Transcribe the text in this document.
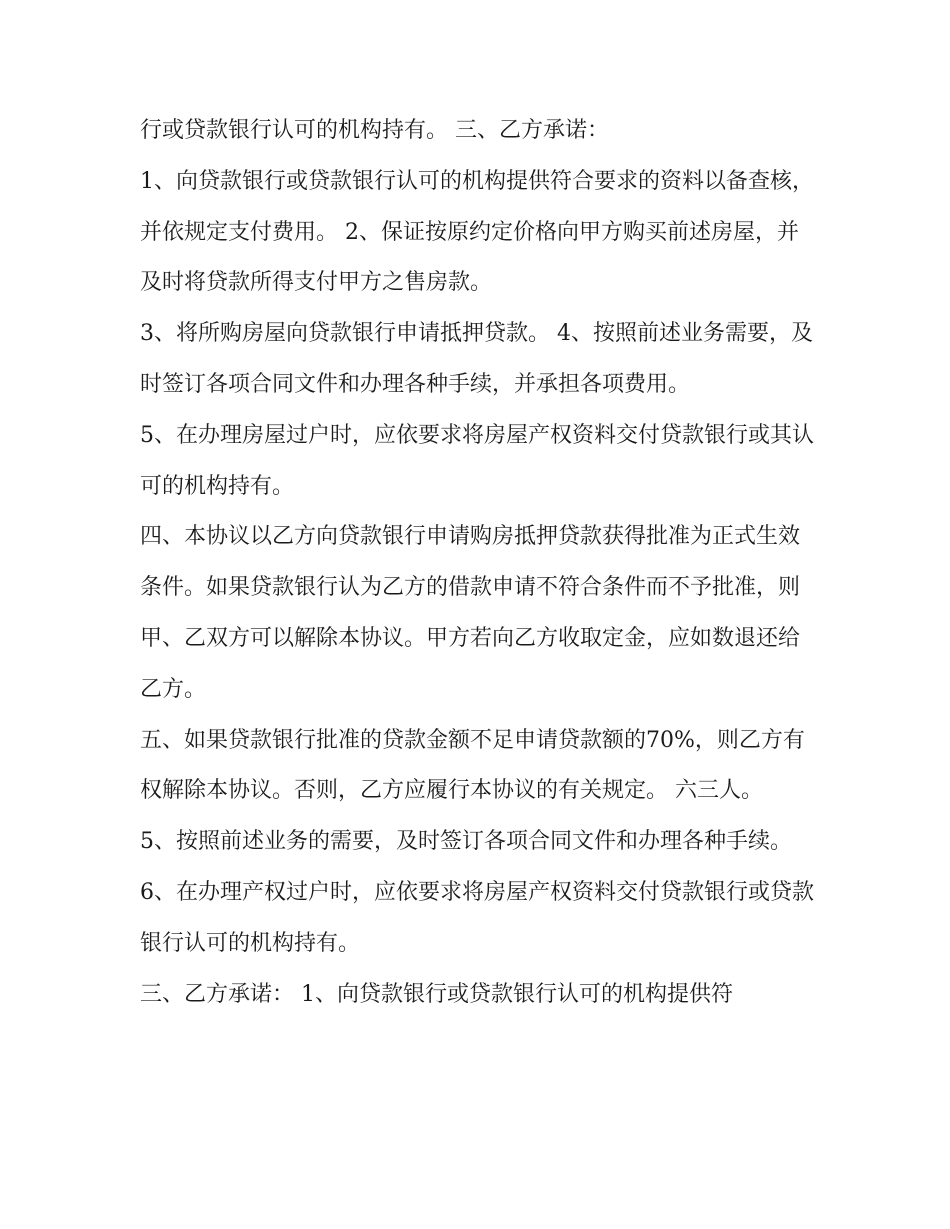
行或贷款银行认可的机构持有。 三、乙方承诺：

1、向贷款银行或贷款银行认可的机构提供符合要求的资料以备查核，并依规定支付费用。 2、保证按原约定价格向甲方购买前述房屋，并及时将贷款所得支付甲方之售房款。

3、将所购房屋向贷款银行申请抵押贷款。 4、按照前述业务需要，及时签订各项合同文件和办理各种手续，并承担各项费用。

5、在办理房屋过户时，应依要求将房屋产权资料交付贷款银行或其认可的机构持有。

四、本协议以乙方向贷款银行申请购房抵押贷款获得批准为正式生效条件。如果贷款银行认为乙方的借款申请不符合条件而不予批准，则甲、乙双方可以解除本协议。甲方若向乙方收取定金，应如数退还给乙方。

五、如果贷款银行批准的贷款金额不足申请贷款额的70%，则乙方有权解除本协议。否则，乙方应履行本协议的有关规定。 六三人。

5、按照前述业务的需要，及时签订各项合同文件和办理各种手续。 6、在办理产权过户时，应依要求将房屋产权资料交付贷款银行或贷款银行认可的机构持有。

三、乙方承诺： 1、向贷款银行或贷款银行认可的机构提供符
